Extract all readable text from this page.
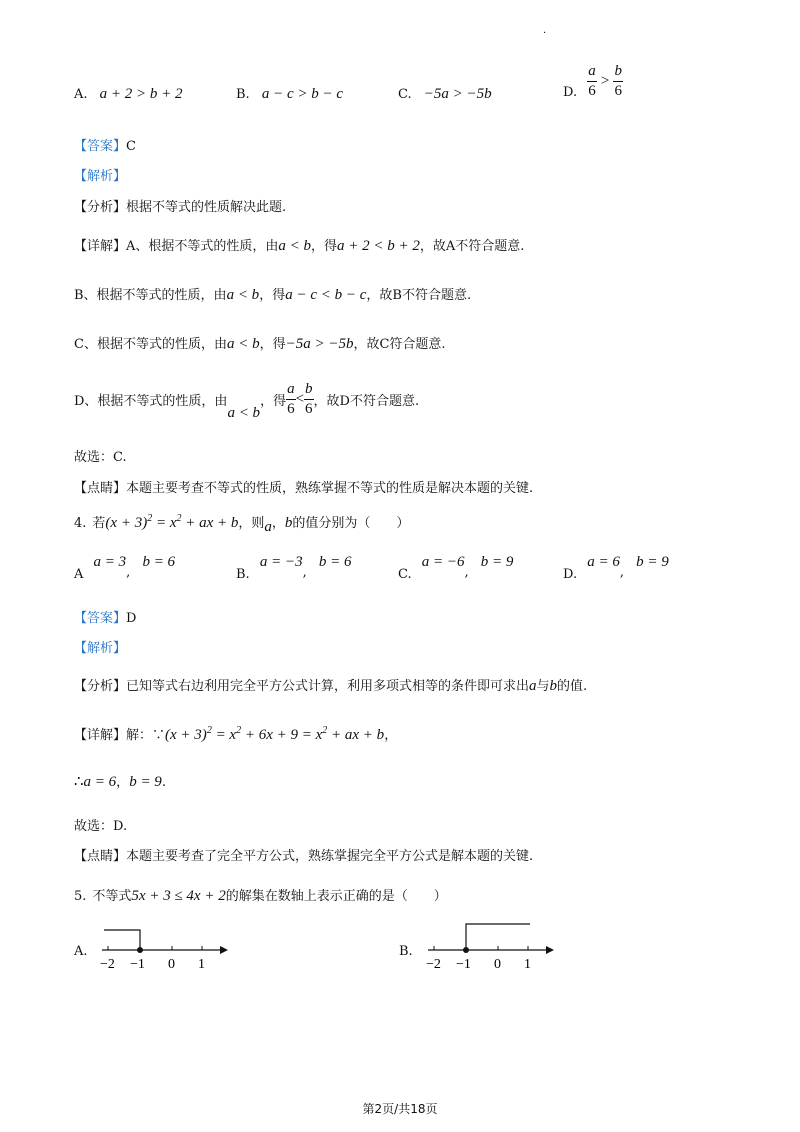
·
A. a + 2 > b + 2	B. a − c > b − c	C. −5a > −5b	D. $\frac{a}{6} > \frac{b}{6}$
【答案】C
【解析】
【分析】根据不等式的性质解决此题.
【详解】A、根据不等式的性质，由a < b，得a + 2 < b + 2，故A不符合题意.
B、根据不等式的性质，由a < b，得a − c < b − c，故B不符合题意.
C、根据不等式的性质，由a < b，得−5a > −5b，故C符合题意.
D、根据不等式的性质，由a < b，得 $\frac{a}{6} < \frac{b}{6}$ ，故D不符合题意.
故选：C.
【点睛】本题主要考查不等式的性质，熟练掌握不等式的性质是解决本题的关键.
4. 若$(x + 3)^2 = x^2$ + ax + b，则a，b的值分别为（　　）
A a = 3, b = 6
B. a = −3, b = 6
C. a = −6, b = 9
D. a = 6, b = 9
【答案】D
【解析】
【分析】已知等式右边利用完全平方公式计算，利用多项式相等的条件即可求出a与b的值.
【详解】解：∵(x + $3)^2 = x^2 + 6x + 9 = x^2$ + ax + b，
∴a = 6，b = 9.
故选：D.
【点睛】本题主要考查了完全平方公式，熟练掌握完全平方公式是解本题的关键.
5. 不等式5x + 3 ≤ 4x + 2的解集在数轴上表示正确的是（　　）
A.
−2 −1 0 1
B.
−2 −1 0 1
第2页/共18页
